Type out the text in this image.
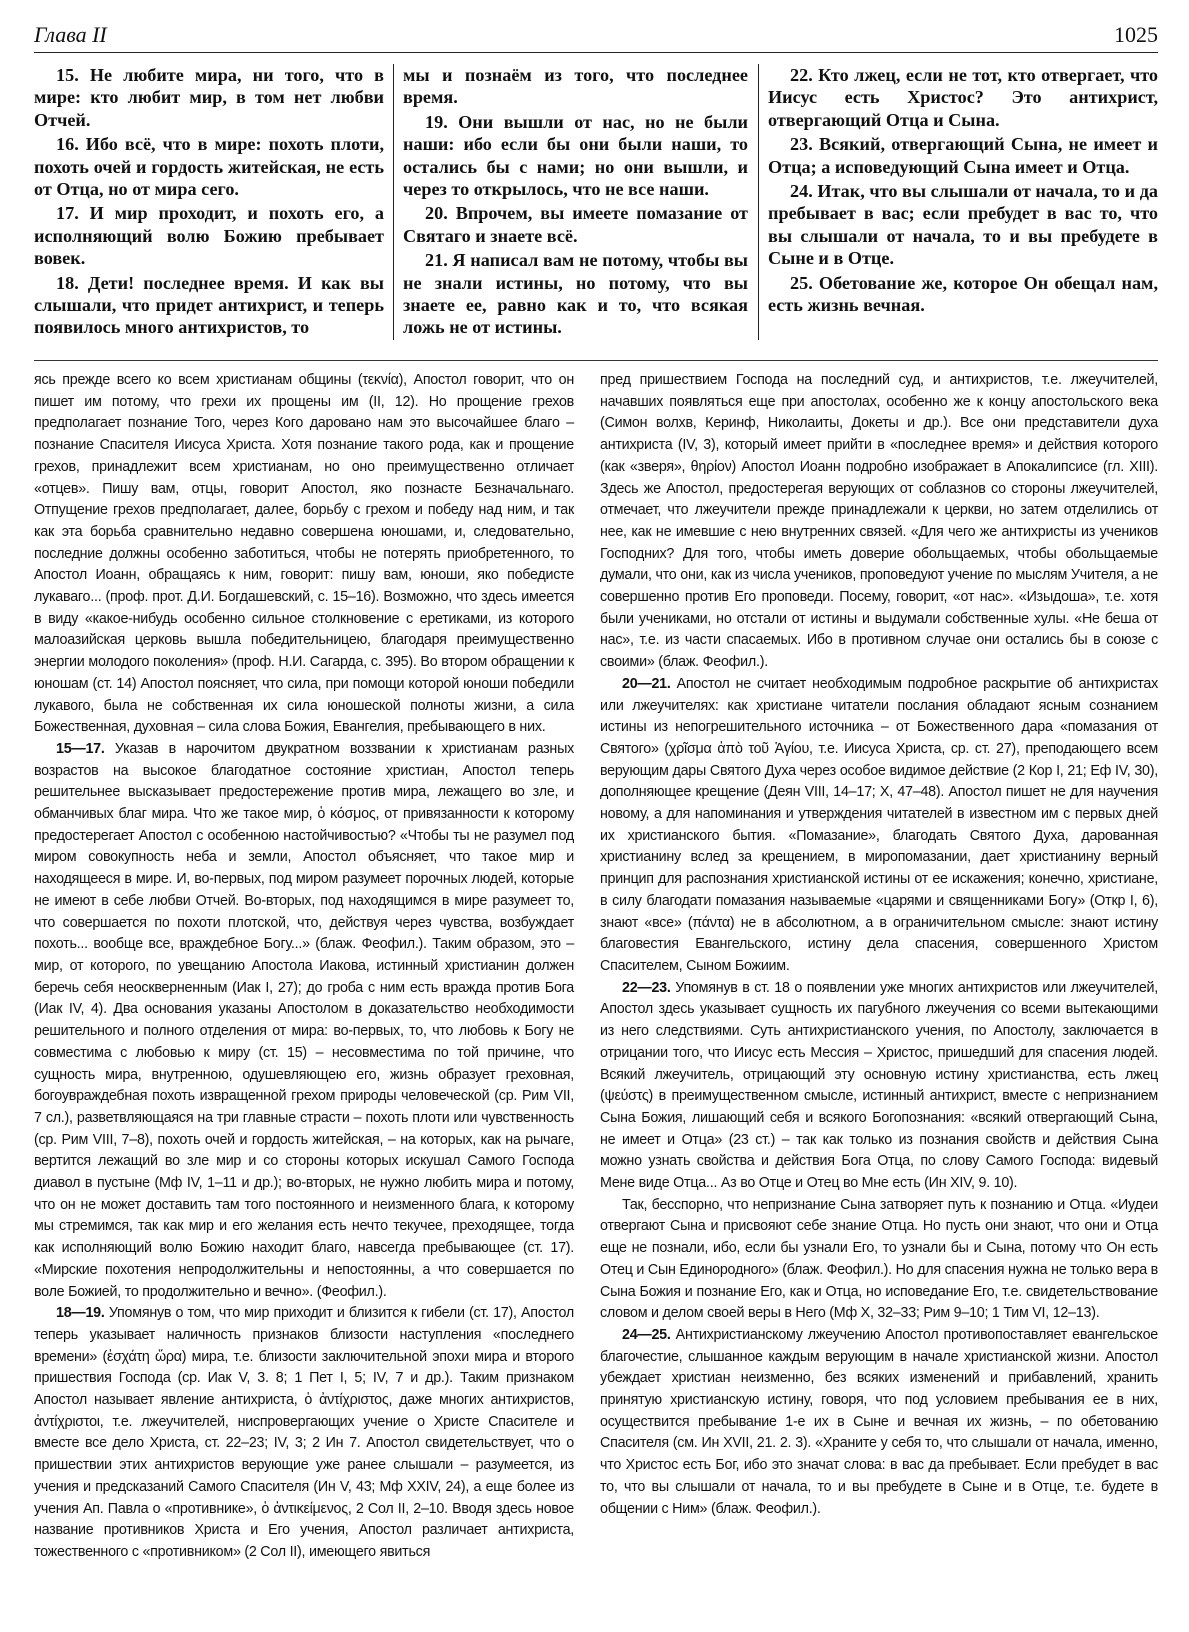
Глава II	1025

15. Не любите мира, ни того, что в мире: кто любит мир, в том нет любви Отчей.

16. Ибо всё, что в мире: похоть плоти, похоть очей и гордость житейская, не есть от Отца, но от мира сего.

17. И мир проходит, и похоть его, а исполняющий волю Божию пребывает вовек.

18. Дети! последнее время. И как вы слышали, что придет антихрист, и теперь появилось много антихристов, то

мы и познаём из того, что последнее время.

19. Они вышли от нас, но не были наши: ибо если бы они были наши, то остались бы с нами; но они вышли, и через то открылось, что не все наши.

20. Впрочем, вы имеете помазание от Святаго и знаете всё.

21. Я написал вам не потому, чтобы вы не знали истины, но потому, что вы знаете ее, равно как и то, что всякая ложь не от истины.

22. Кто лжец, если не тот, кто отвергает, что Иисус есть Христос? Это антихрист, отвергающий Отца и Сына.

23. Всякий, отвергающий Сына, не имеет и Отца; а исповедующий Сына имеет и Отца.

24. Итак, что вы слышали от начала, то и да пребывает в вас; если пребудет в вас то, что вы слышали от начала, то и вы пребудете в Сыне и в Отце.

25. Обетование же, которое Он обещал нам, есть жизнь вечная.

ясь прежде всего ко всем христианам общины (τεκνία), Апостол говорит, что он пишет им потому, что грехи их прощены им (II, 12). Но прощение грехов предполагает познание Того, через Кого даровано нам это высочайшее благо – познание Спасителя Иисуса Христа. Хотя познание такого рода, как и прощение грехов, принадлежит всем христианам, но оно преимущественно отличает «отцев». Пишу вам, отцы, говорит Апостол, яко познасте Безначальнаго. Отпущение грехов предполагает, далее, борьбу с грехом и победу над ним, и так как эта борьба сравнительно недавно совершена юношами, и, следовательно, последние должны особенно заботиться, чтобы не потерять приобретенного, то Апостол Иоанн, обращаясь к ним, говорит: пишу вам, юноши, яко победисте лукаваго... (проф. прот. Д.И. Богдашевский, с. 15–16). Возможно, что здесь имеется в виду «какое-нибудь особенно сильное столкновение с еретиками, из которого малоазийская церковь вышла победительницею, благодаря преимущественно энергии молодого поколения» (проф. Н.И. Сагарда, с. 395). Во втором обращении к юношам (ст. 14) Апостол поясняет, что сила, при помощи которой юноши победили лукавого, была не собственная их сила юношеской полноты жизни, а сила Божественная, духовная – сила слова Божия, Евангелия, пребывающего в них.

15—17. Указав в нарочитом двукратном воззвании к христианам разных возрастов на высокое благодатное состояние христиан, Апостол теперь решительнее высказывает предостережение против мира, лежащего во зле, и обманчивых благ мира. Что же такое мир, ὁ κόσμος, от привязанности к которому предостерегает Апостол с особенною настойчивостью? «Чтобы ты не разумел под миром совокупность неба и земли, Апостол объясняет, что такое мир и находящееся в мире. И, во-первых, под миром разумеет порочных людей, которые не имеют в себе любви Отчей. Во-вторых, под находящимся в мире разумеет то, что совершается по похоти плотской, что, действуя через чувства, возбуждает похоть... вообще все, враждебное Богу...» (блаж. Феофил.). Таким образом, это – мир, от которого, по увещанию Апостола Иакова, истинный христианин должен беречь себя неоскверненным (Иак I, 27); до гроба с ним есть вражда против Бога (Иак IV, 4). Два основания указаны Апостолом в доказательство необходимости решительного и полного отделения от мира: во-первых, то, что любовь к Богу не совместима с любовью к миру (ст. 15) – несовместима по той причине, что сущность мира, внутренною, одушевляющею его, жизнь образует греховная, богоувраждебная похоть извращенной грехом природы человеческой (ср. Рим VII, 7 сл.), разветвляющаяся на три главные страсти – похоть плоти или чувственность (ср. Рим VIII, 7–8), похоть очей и гордость житейская, – на которых, как на рычаге, вертится лежащий во зле мир и со стороны которых искушал Самого Господа диавол в пустыне (Мф IV, 1–11 и др.); во-вторых, не нужно любить мира и потому, что он не может доставить там того постоянного и неизменного блага, к которому мы стремимся, так как мир и его желания есть нечто текучее, преходящее, тогда как исполняющий волю Божию находит благо, навсегда пребывающее (ст. 17). «Мирские похотения непродолжительны и непостоянны, а что совершается по воле Божией, то продолжительно и вечно». (Феофил.).

18—19. Упомянув о том, что мир приходит и близится к гибели (ст. 17), Апостол теперь указывает наличность признаков близости наступления «последнего времени» (ἐσχάτη ὥρα) мира, т.е. близости заключительной эпохи мира и второго пришествия Господа (ср. Иак V, 3. 8; 1 Пет I, 5; IV, 7 и др.). Таким признаком Апостол называет явление антихриста, ὁ ἀντίχριστος, даже многих антихристов, ἀντίχριστοι, т.е. лжеучителей, ниспровергающих учение о Христе Спасителе и вместе все дело Христа, ст. 22–23; IV, 3; 2 Ин 7. Апостол свидетельствует, что о пришествии этих антихристов верующие уже ранее слышали – разумеется, из учения и предсказаний Самого Спасителя (Ин V, 43; Мф XXIV, 24), а еще более из учения Ап. Павла о «противнике», ὁ ἀντικείμενος, 2 Сол II, 2–10. Вводя здесь новое название противников Христа и Его учения, Апостол различает антихриста, тожественного с «противником» (2 Сол II), имеющего явиться

пред пришествием Господа на последний суд, и антихристов, т.е. лжеучителей, начавших появляться еще при апостолах, особенно же к концу апостольского века (Симон волхв, Керинф, Николаиты, Докеты и др.). Все они представители духа антихриста (IV, 3), который имеет прийти в «последнее время» и действия которого (как «зверя», θηρίον) Апостол Иоанн подробно изображает в Апокалипсисе (гл. XIII). Здесь же Апостол, предостерегая верующих от соблазнов со стороны лжеучителей, отмечает, что лжеучители прежде принадлежали к церкви, но затем отделились от нее, как не имевшие с нею внутренних связей. «Для чего же антихристы из учеников Господних? Для того, чтобы иметь доверие обольщаемых, чтобы обольщаемые думали, что они, как из числа учеников, проповедуют учение по мыслям Учителя, а не совершенно против Его проповеди. Посему, говорит, «от нас». «Изыдоша», т.е. хотя были учениками, но отстали от истины и выдумали собственные хулы. «Не беша от нас», т.е. из части спасаемых. Ибо в противном случае они остались бы в союзе с своими» (блаж. Феофил.).

20—21. Апостол не считает необходимым подробное раскрытие об антихристах или лжеучителях: как христиане читатели послания обладают ясным сознанием истины из непогрешительного источника – от Божественного дара «помазания от Святого» (χρῖσμα ἀπὸ τοῦ Ἁγίου, т.е. Иисуса Христа, ср. ст. 27), преподающего всем верующим дары Святого Духа через особое видимое действие (2 Кор I, 21; Еф IV, 30), дополняющее крещение (Деян VIII, 14–17; X, 47–48). Апостол пишет не для научения новому, а для напоминания и утверждения читателей в известном им с первых дней их христианского бытия. «Помазание», благодать Святого Духа, дарованная христианину вслед за крещением, в миропомазании, дает христианину верный принцип для распознания христианской истины от ее искажения; конечно, христиане, в силу благодати помазания называемые «царями и священниками Богу» (Откр I, 6), знают «все» (πάντα) не в абсолютном, а в ограничительном смысле: знают истину благовестия Евангельского, истину дела спасения, совершенного Христом Спасителем, Сыном Божиим.

22—23. Упомянув в ст. 18 о появлении уже многих антихристов или лжеучителей, Апостол здесь указывает сущность их пагубного лжеучения со всеми вытекающими из него следствиями. Суть антихристианского учения, по Апостолу, заключается в отрицании того, что Иисус есть Мессия – Христос, пришедший для спасения людей. Всякий лжеучитель, отрицающий эту основную истину христианства, есть лжец (ψεύστς) в преимущественном смысле, истинный антихрист, вместе с непризнанием Сына Божия, лишающий себя и всякого Богопознания: «всякий отвергающий Сына, не имеет и Отца» (23 ст.) – так как только из познания свойств и действия Сына можно узнать свойства и действия Бога Отца, по слову Самого Господа: видевый Мене виде Отца... Аз во Отце и Отец во Мне есть (Ин XIV, 9. 10).

Так, бесспорно, что непризнание Сына затворяет путь к познанию и Отца. «Иудеи отвергают Сына и присвояют себе знание Отца. Но пусть они знают, что они и Отца еще не познали, ибо, если бы узнали Его, то узнали бы и Сына, потому что Он есть Отец и Сын Единородного» (блаж. Феофил.). Но для спасения нужна не только вера в Сына Божия и познание Его, как и Отца, но исповедание Его, т.е. свидетельствование словом и делом своей веры в Него (Мф X, 32–33; Рим 9–10; 1 Тим VI, 12–13).

24—25. Антихристианскому лжеучению Апостол противопоставляет евангельское благочестие, слышанное каждым верующим в начале христианской жизни. Апостол убеждает христиан неизменно, без всяких изменений и прибавлений, хранить принятую христианскую истину, говоря, что под условием пребывания ее в них, осуществится пребывание 1-е их в Сыне и вечная их жизнь, – по обетованию Спасителя (см. Ин XVII, 21. 2. 3). «Храните у себя то, что слышали от начала, именно, что Христос есть Бог, ибо это значат слова: в вас да пребывает. Если пребудет в вас то, что вы слышали от начала, то и вы пребудете в Сыне и в Отце, т.е. будете в общении с Ним» (блаж. Феофил.).
